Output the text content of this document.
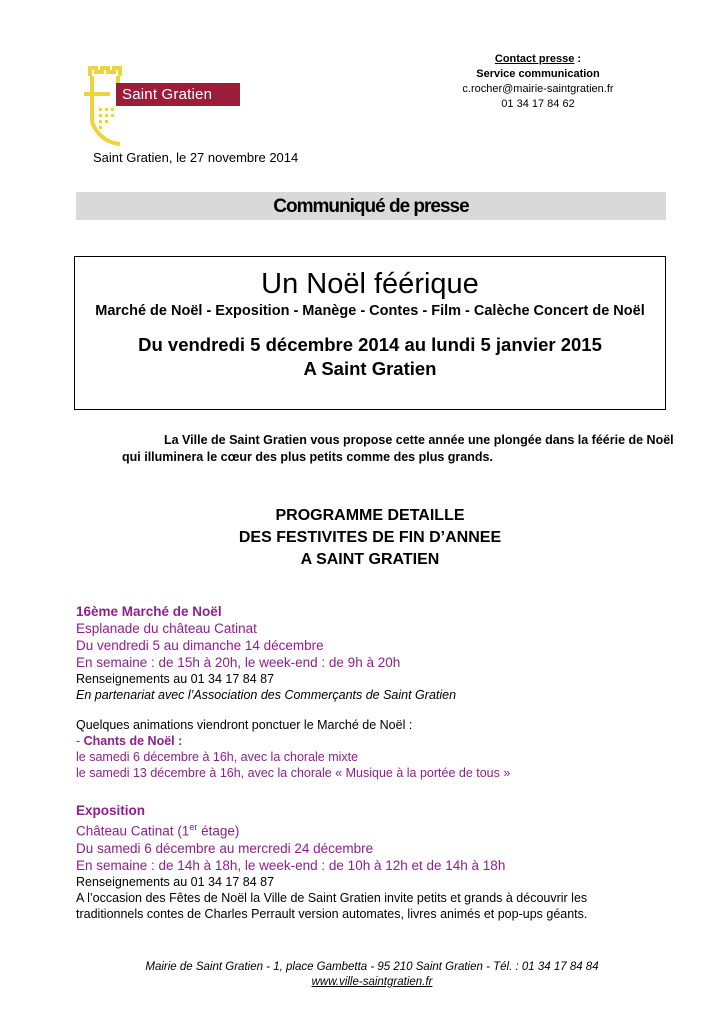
Contact presse :
Service communication
c.rocher@mairie-saintgratien.fr
01 34 17 84 62
Saint Gratien
Saint Gratien, le 27 novembre 2014
Communiqué de presse
Un Noël féérique
Marché de Noël - Exposition - Manège - Contes - Film - Calèche Concert de Noël
Du vendredi 5 décembre 2014 au lundi 5 janvier 2015
A Saint Gratien
La Ville de Saint Gratien vous propose cette année une plongée dans la féérie de Noël qui illuminera le cœur des plus petits comme des plus grands.
PROGRAMME DETAILLE
DES FESTIVITES DE FIN D’ANNEE
A SAINT GRATIEN
16ème Marché de Noël
Esplanade du château Catinat
Du vendredi 5 au dimanche 14 décembre
En semaine : de 15h à 20h, le week-end : de 9h à 20h
Renseignements au 01 34 17 84 87
En partenariat avec l’Association des Commerçants de Saint Gratien
Quelques animations viendront ponctuer le Marché de Noël :
- Chants de Noël :
le samedi 6 décembre à 16h, avec la chorale mixte
le samedi 13 décembre à 16h, avec la chorale « Musique à la portée de tous »
Exposition
Château Catinat (1er étage)
Du samedi 6 décembre au mercredi 24 décembre
En semaine : de 14h à 18h, le week-end : de 10h à 12h et de 14h à 18h
Renseignements au 01 34 17 84 87
A l’occasion des Fêtes de Noël la Ville de Saint Gratien invite petits et grands à découvrir les traditionnels contes de Charles Perrault version automates, livres animés et pop-ups géants.
Mairie de Saint Gratien - 1, place Gambetta - 95 210 Saint Gratien - Tél. : 01 34 17 84 84
www.ville-saintgratien.fr
